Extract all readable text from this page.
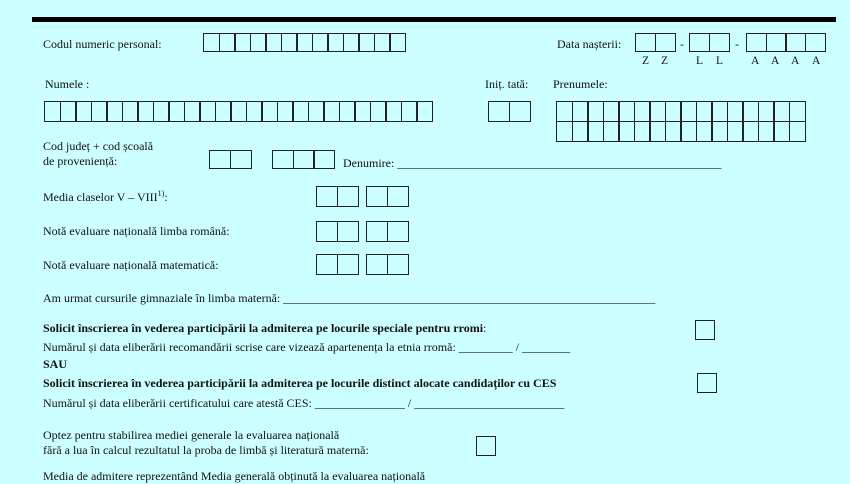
Codul numeric personal:	Data nașterii:	-	-
Z Z L L A A A A
Numele :	Iniț. tată: Prenumele:
Cod județ + cod școală
de proveniență:	Denumire: ______________________________________________________
Media claselor V – VIII$^{1)}$:
Notă evaluare națională limba română:
Notă evaluare națională matematică:
Am urmat cursurile gimnaziale în limba maternă: ______________________________________________________________
Solicit înscrierea în vederea participării la admiterea pe locurile speciale pentru rromi:
Numărul și data eliberării recomandării scrise care vizează apartenența la etnia rromă: _________ / ________
SAU
Solicit înscrierea în vederea participării la admiterea pe locurile distinct alocate candidaților cu CES
Numărul și data eliberării certificatului care atestă CES: _______________ / _________________________
Optez pentru stabilirea mediei generale la evaluarea națională
fără a lua în calcul rezultatul la proba de limbă și literatură maternă:
Media de admitere reprezentând Media generală obținută la evaluarea națională
